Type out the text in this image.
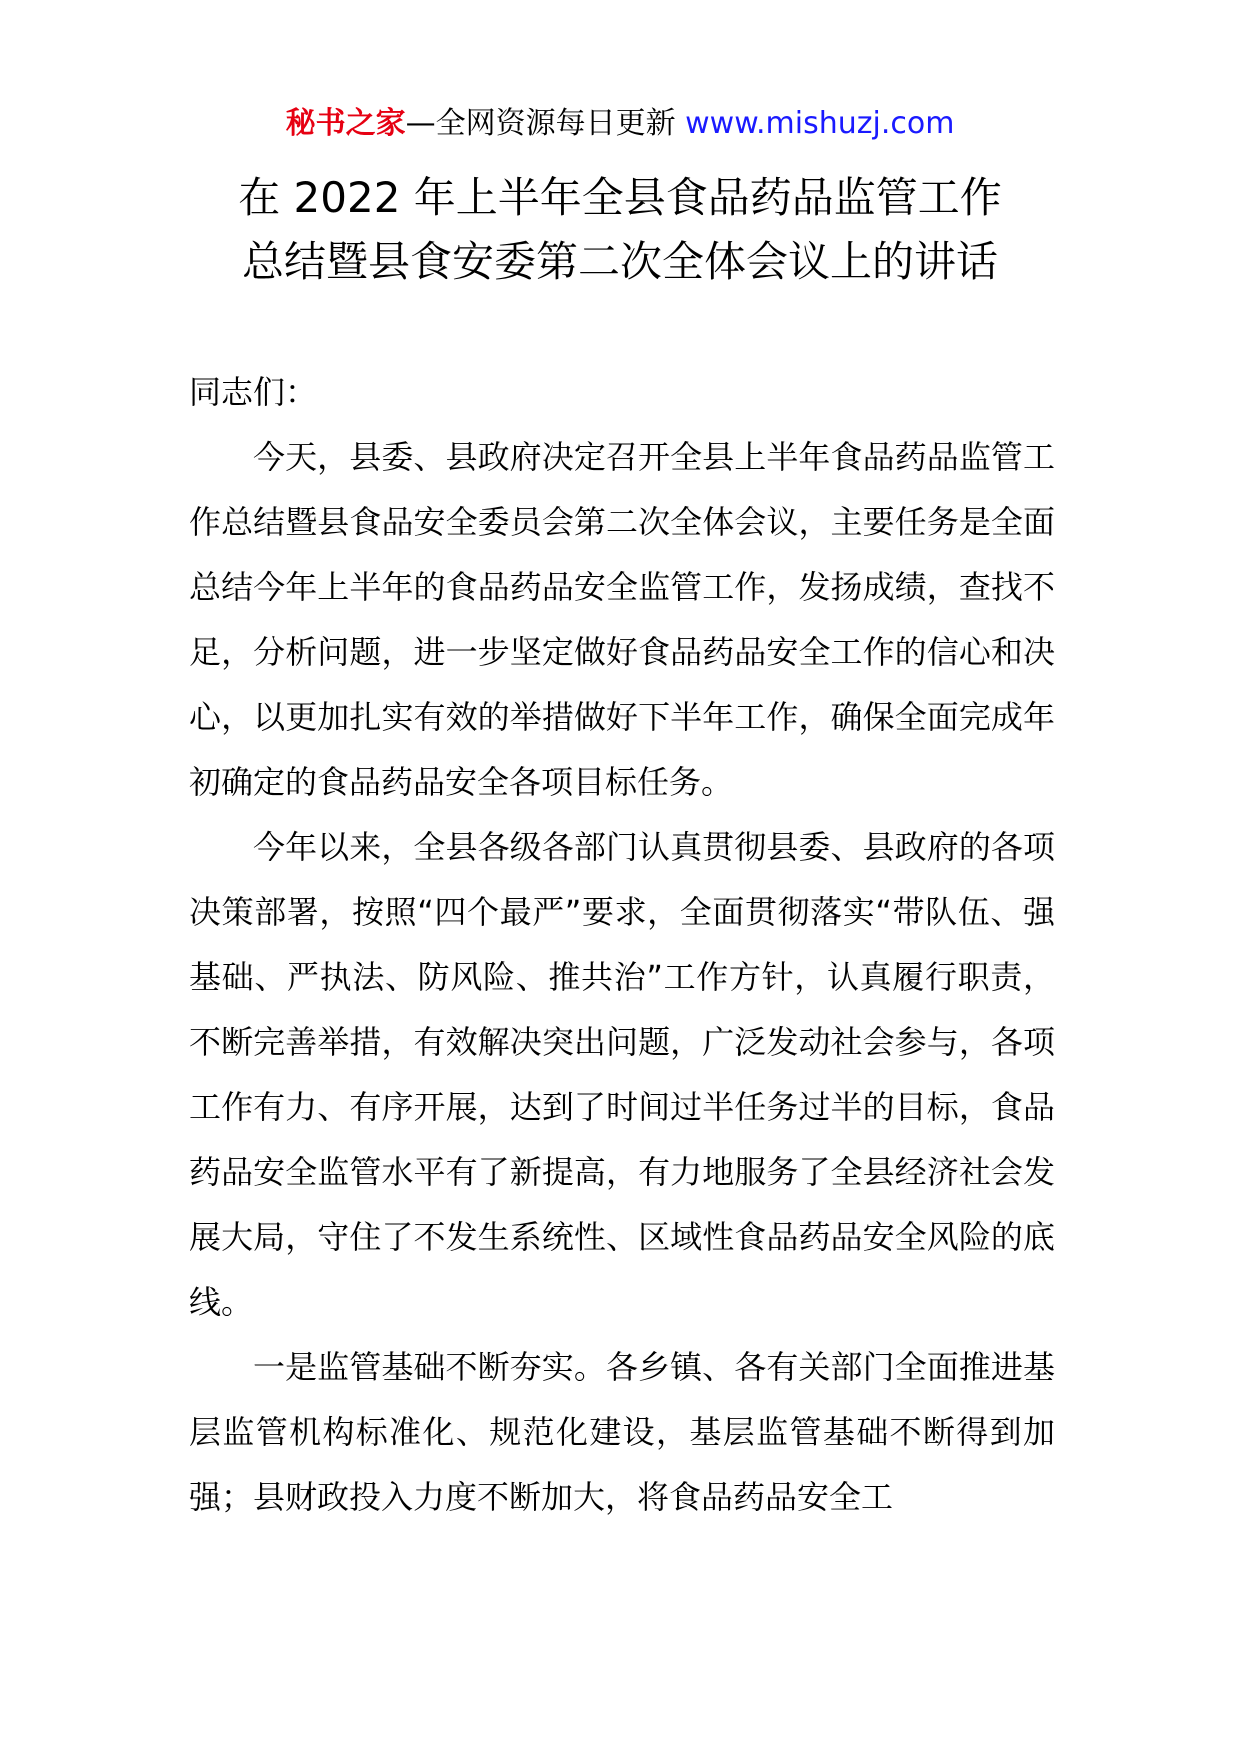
秘书之家—全网资源每日更新 www.mishuzj.com
在 2022 年上半年全县食品药品监管工作
总结暨县食安委第二次全体会议上的讲话

同志们：

今天，县委、县政府决定召开全县上半年食品药品监管工作总结暨县食品安全委员会第二次全体会议，主要任务是全面总结今年上半年的食品药品安全监管工作，发扬成绩，查找不足，分析问题，进一步坚定做好食品药品安全工作的信心和决心，以更加扎实有效的举措做好下半年工作，确保全面完成年初确定的食品药品安全各项目标任务。

今年以来，全县各级各部门认真贯彻县委、县政府的各项决策部署，按照“四个最严”要求，全面贯彻落实“带队伍、强基础、严执法、防风险、推共治”工作方针，认真履行职责，不断完善举措，有效解决突出问题，广泛发动社会参与，各项工作有力、有序开展，达到了时间过半任务过半的目标，食品药品安全监管水平有了新提高，有力地服务了全县经济社会发展大局，守住了不发生系统性、区域性食品药品安全风险的底线。

一是监管基础不断夯实。各乡镇、各有关部门全面推进基层监管机构标准化、规范化建设，基层监管基础不断得到加强；县财政投入力度不断加大，将食品药品安全工
